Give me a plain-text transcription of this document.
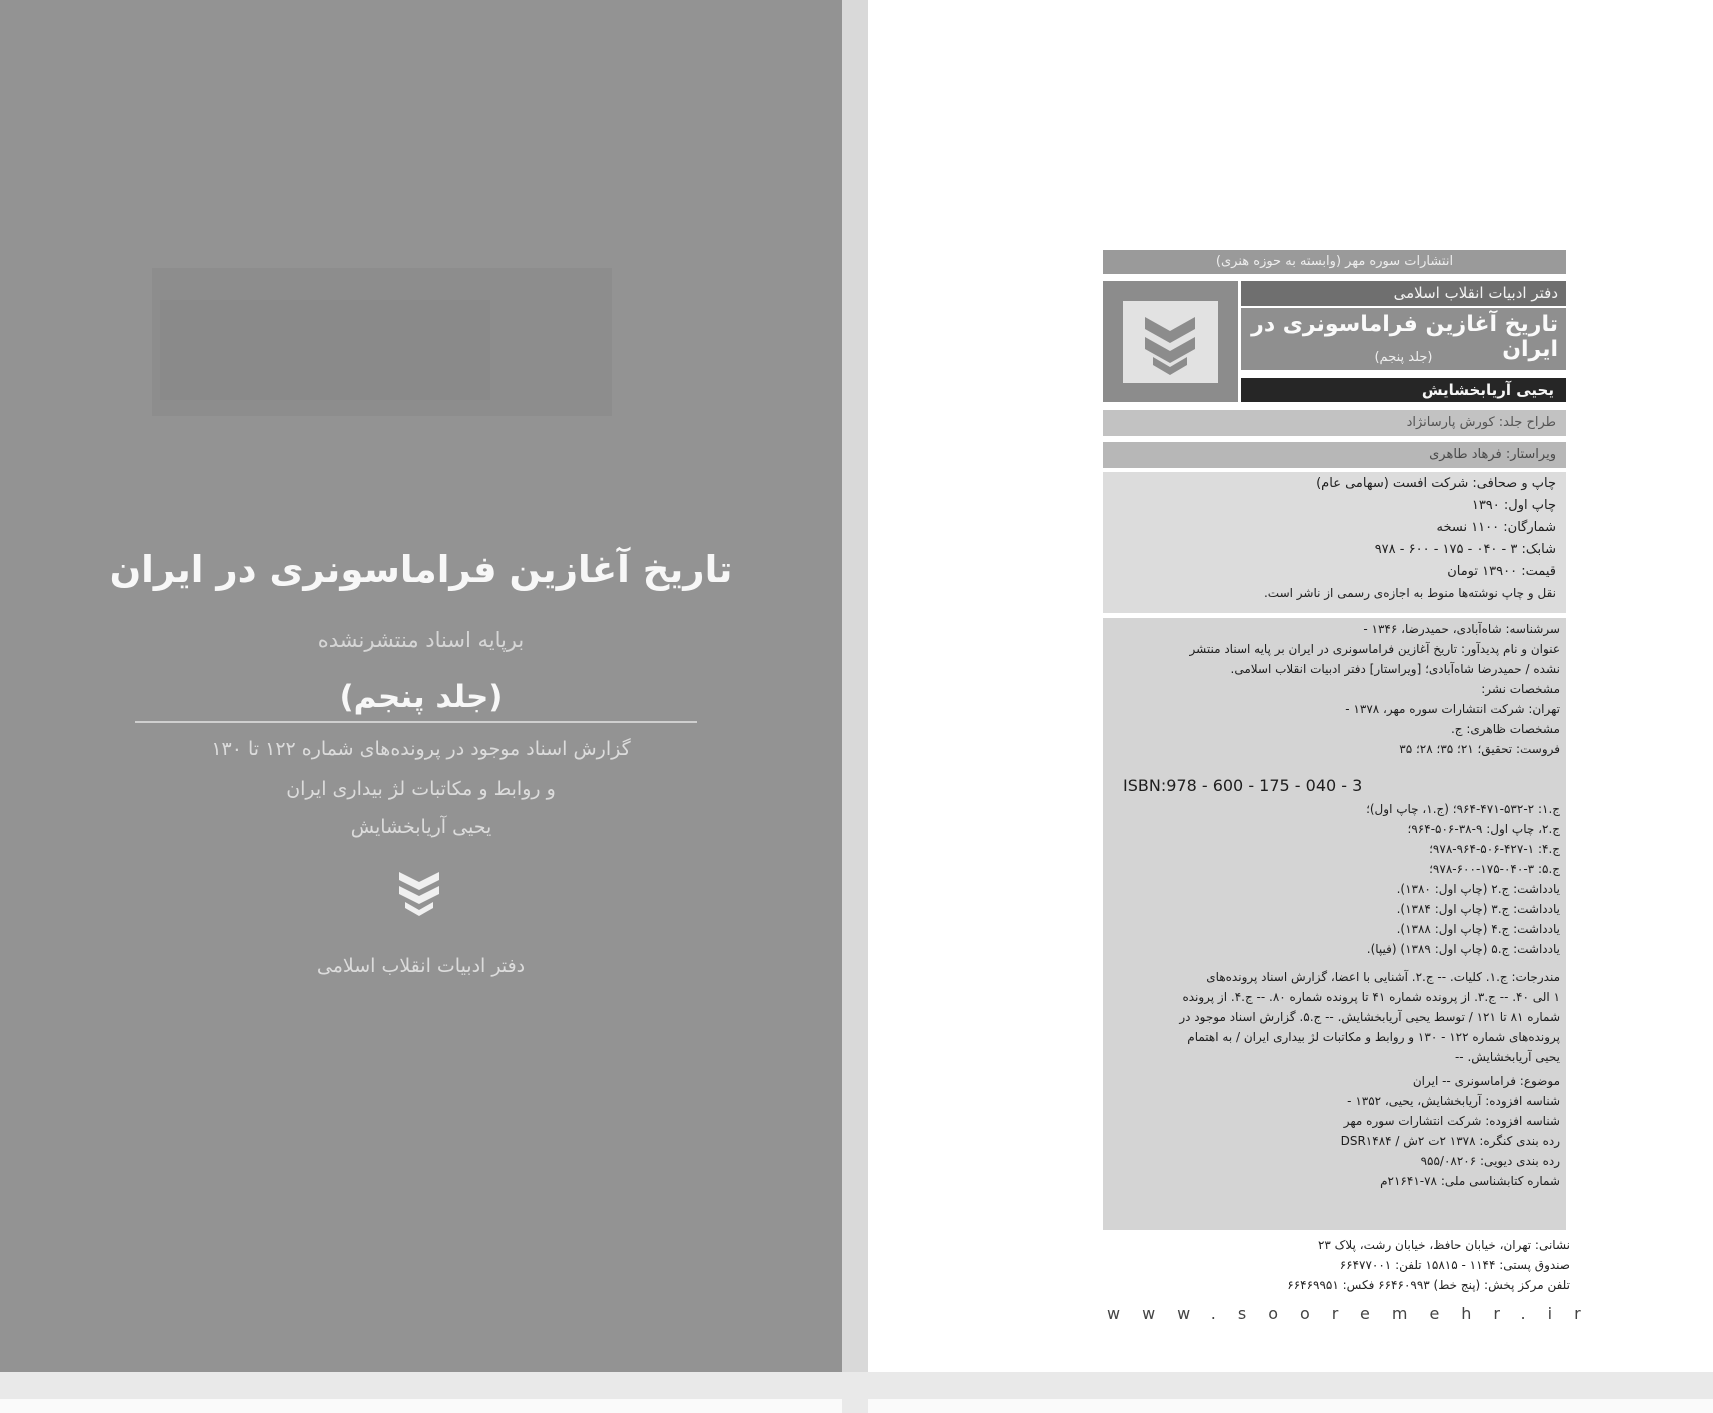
تاریخ آغازین فراماسونری در ایران
برپایه اسناد منتشرنشده
(جلد پنجم)
گزارش اسناد موجود در پرونده‌های شماره ۱۲۲ تا ۱۳۰
و روابط و مکاتبات لژ بیداری ایران
یحیی آریابخشایش
دفتر ادبیات انقلاب اسلامی
انتشارات سوره مهر (وابسته به حوزه هنری)
دفتر ادبیات انقلاب اسلامی
تاریخ آغازین فراماسونری در ایران
(جلد پنجم)
یحیی آریابخشایش
طراح جلد: کورش پارسانژاد
ویراستار: فرهاد طاهری
چاپ و صحافی: شرکت افست (سهامی عام)
چاپ اول: ۱۳۹۰
شمارگان: ۱۱۰۰ نسخه
شابک: ۳ - ۰۴۰ - ۱۷۵ - ۶۰۰ - ۹۷۸
قیمت: ۱۳۹۰۰ تومان
نقل و چاپ نوشته‌ها منوط به اجازه‌ی رسمی از ناشر است.
سرشناسه: شاه‌آبادی، حمیدرضا، ۱۳۴۶ -
عنوان و نام پدیدآور: تاریخ آغازین فراماسونری در ایران بر پایه اسناد منتشر
نشده / حمیدرضا شاه‌آبادی؛ [ویراستار] دفتر ادبیات انقلاب اسلامی.
مشخصات نشر:
تهران: شرکت انتشارات سوره مهر، ۱۳۷۸ -
مشخصات ظاهری: ج.
فروست: تحقیق؛ ۲۱؛ ۳۵؛ ۲۸؛ ۳۵
ISBN:978 - 600 - 175 - 040 - 3
ج.۱: ۲-۵۳۲-۴۷۱-۹۶۴؛ (ج.۱، چاپ اول)؛
ج.۲، چاپ اول: ۹-۳۸-۵۰۶-۹۶۴؛
ج.۴: ۱-۴۲۷-۵۰۶-۹۶۴-۹۷۸؛
ج.۵: ۳-۰۴۰-۱۷۵-۶۰۰-۹۷۸؛
یادداشت: ج.۲ (چاپ اول: ۱۳۸۰).
یادداشت: ج.۳ (چاپ اول: ۱۳۸۴).
یادداشت: ج.۴ (چاپ اول: ۱۳۸۸).
یادداشت: ج.۵ (چاپ اول: ۱۳۸۹) (فیپا).
مندرجات: ج.۱. کلیات. -- ج.۲. آشنایی با اعضا، گزارش اسناد پرونده‌های
۱ الی ۴۰. -- ج.۳. از پرونده شماره ۴۱ تا پرونده شماره ۸۰. -- ج.۴. از پرونده
شماره ۸۱ تا ۱۲۱ / توسط یحیی آریابخشایش. -- ج.۵. گزارش اسناد موجود در
پرونده‌های شماره ۱۲۲ - ۱۳۰ و روابط و مکاتبات لژ بیداری ایران / به اهتمام
یحیی آریابخشایش. --
موضوع: فراماسونری -- ایران
شناسه افزوده: آریابخشایش، یحیی، ۱۳۵۲ -
شناسه افزوده: شرکت انتشارات سوره مهر
رده بندی کنگره: ۱۳۷۸ ۲ت ۲ش / DSR۱۴۸۴
رده بندی دیویی: ۹۵۵/۰۸۲۰۶
شماره کتابشناسی ملی: ۷۸-۲۱۶۴۱م
نشانی: تهران، خیابان حافظ، خیابان رشت، پلاک ۲۳
صندوق پستی: ۱۱۴۴ - ۱۵۸۱۵ تلفن: ۶۶۴۷۷۰۰۱
تلفن مرکز پخش: (پنج خط) ۶۶۴۶۰۹۹۳ فکس: ۶۶۴۶۹۹۵۱
www.sooremehr.ir
